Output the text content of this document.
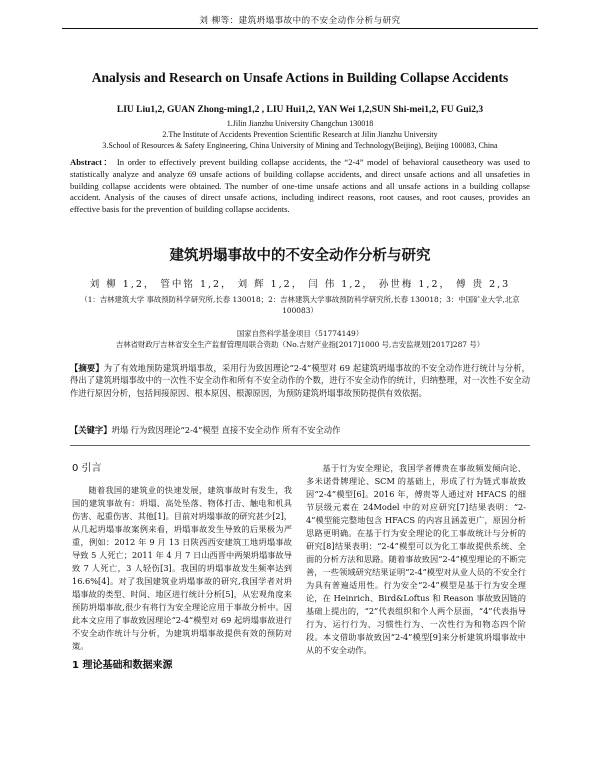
刘 柳等：建筑坍塌事故中的不安全动作分析与研究
Analysis and Research on Unsafe Actions in Building Collapse Accidents
LIU Liu1,2, GUAN Zhong-ming1,2 , LIU Hui1,2, YAN Wei 1,2,SUN Shi-mei1,2, FU Gui2,3
1.Jilin Jianzhu University Changchun 130018
2.The Institute of Accidents Prevention Scientific Research at Jilin Jianzhu University
3.School of Resources & Safety Engineering, China University of Mining and Technology(Beijing), Beijing 100083, China
Abstract： In order to effectively prevent building collapse accidents, the “2-4” model of behavioral causetheory was used to statistically analyze and analyze 69 unsafe actions of building collapse accidents, and direct unsafe actions and all unsafeties in building collapse accidents were obtained. The number of one-time unsafe actions and all unsafe actions in a building collapse accident. Analysis of the causes of direct unsafe actions, including indirect reasons, root causes, and root causes, provides an effective basis for the prevention of building collapse accidents.
建筑坍塌事故中的不安全动作分析与研究
刘 柳 1,2， 管中铭 1,2， 刘 辉 1,2， 闫 伟 1,2， 孙世梅 1,2， 傅 贵 2,3
（1：吉林建筑大学 事故预防科学研究所,长春 130018；2：吉林建筑大学事故预防科学研究所,长春 130018；3：中国矿业大学,北京 100083）
国家自然科学基金项目（51774149）
吉林省财政厅吉林省安全生产监督管理局联合资助（No.吉财产业指[2017]1000 号,吉安监规划[2017]287 号）
【摘要】为了有效地预防建筑坍塌事故，采用行为致因理论“2-4”模型对 69 起建筑坍塌事故的不安全动作进行统计与分析，得出了建筑坍塌事故中的一次性不安全动作和所有不安全动作的个数，进行不安全动作的统计，归纳整理，对一次性不安全动作进行原因分析，包括间接原因、根本原因、根源原因，为预防建筑坍塌事故预防提供有效依据。
【关键字】坍塌 行为致因理论“2-4”模型 直接不安全动作 所有不安全动作
0 引言

随着我国的建筑业的快速发展，建筑事故时有发生，我国的建筑事故有：坍塌、高处坠落、物体打击、触电和机具伤害、起重伤害、其他[1]。目前对坍塌事故的研究甚少[2]，从几起坍塌事故案例来看，坍塌事故发生导致的后果极为严重，例如：2012 年 9 月 13 日陕西西安建筑工地坍塌事故导致 5 人死亡；2011 年 4 月 7 日山西晋中两架坍塌事故导致 7 人死亡，3 人轻伤[3]。我国的坍塌事故发生频率达到 16.6%[4]。对了我国建筑业坍塌事故的研究,我国学者对坍塌事故的类型、时间、地区进行统计分析[5]，从宏观角度来预防坍塌事故,很少有将行为安全理论应用于事故分析中。因此本文应用了事故致因理论“2-4”模型对 69 起坍塌事故进行不安全动作统计与分析，为建筑坍塌事故提供有效的预防对策。

1 理论基础和数据来源

基于行为安全理论，我国学者傅贵在事故频发倾向论、多米诺骨牌理论、SCM 的基础上，形成了行为链式事故致因“2-4”模型[6]。2016 年，傅贵等人通过对 HFACS 的细节层级元素在 24Model 中的对应研究[7]结果表明：“2-4”模型能完整地包含 HFACS 的内容且涵盖更广，原因分析思路更明确。在基于行为安全理论的化工事故统计与分析的研究[8]结果表明：“2-4”模型可以为化工事故提供系统、全面的分析方法和思路。随着事故致因“2-4”模型理论的不断完善，一些领域研究结果证明“2-4”模型对从业人员的不安全行为具有普遍适用性。行为安全“2-4”模型是基于行为安全理论，在 Heinrich、Bird&Loftus 和 Reason 事故致因链的基础上提出的，“2”代表组织和个人两个层面，“4”代表指导行为、运行行为、习惯性行为、一次性行为和物态四个阶段。本文借助事故致因“2-4”模型[9]来分析建筑坍塌事故中从的不安全动作。
